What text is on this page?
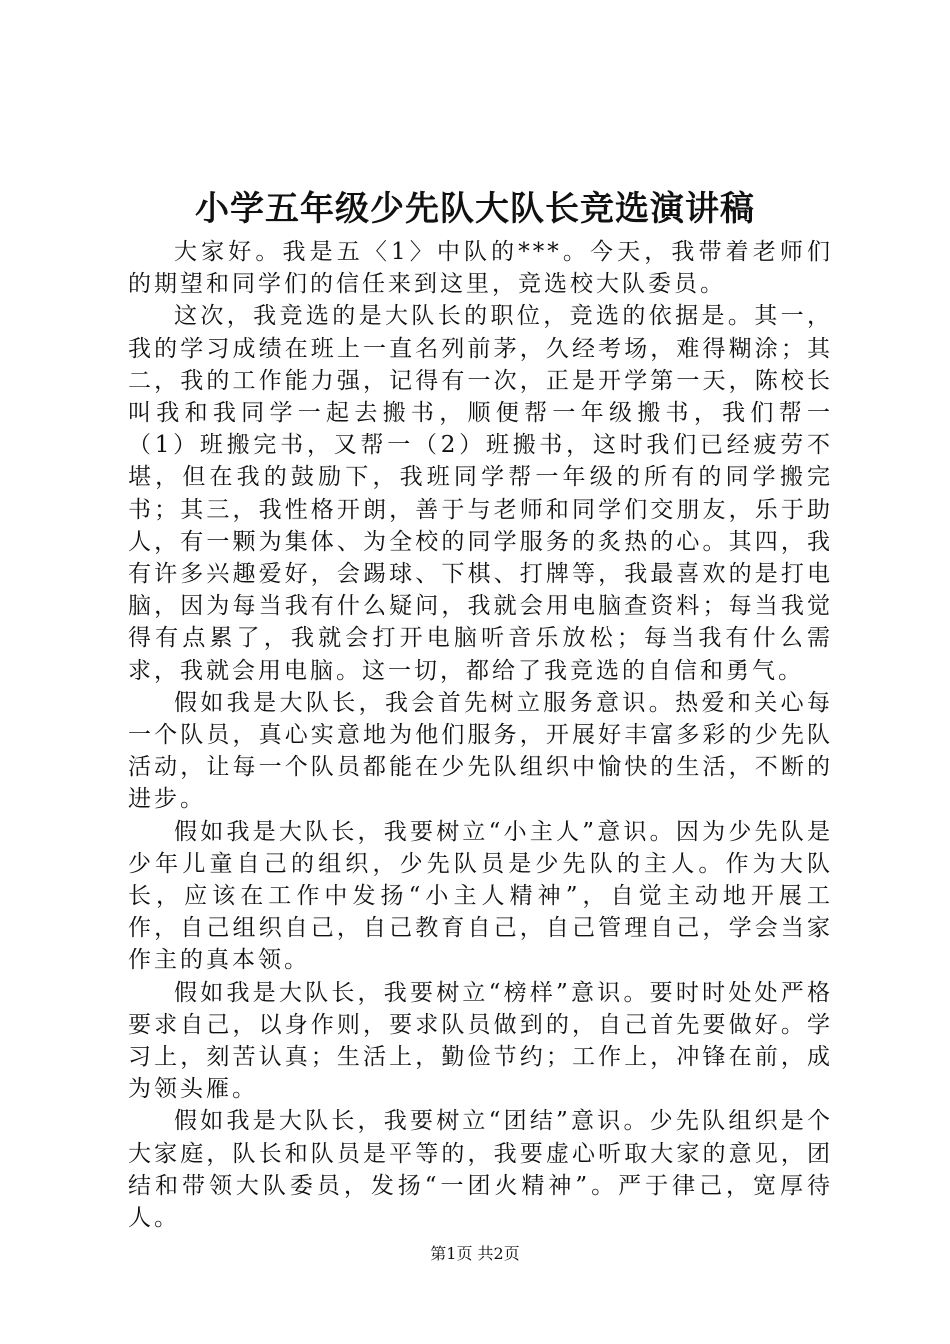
小学五年级少先队大队长竞选演讲稿

大家好。我是五〈1〉中队的***。今天，我带着老师们的期望和同学们的信任来到这里，竞选校大队委员。

这次，我竞选的是大队长的职位，竞选的依据是。其一，我的学习成绩在班上一直名列前茅，久经考场，难得糊涂；其二，我的工作能力强，记得有一次，正是开学第一天，陈校长叫我和我同学一起去搬书，顺便帮一年级搬书，我们帮一（1）班搬完书，又帮一（2）班搬书，这时我们已经疲劳不堪，但在我的鼓励下，我班同学帮一年级的所有的同学搬完书；其三，我性格开朗，善于与老师和同学们交朋友，乐于助人，有一颗为集体、为全校的同学服务的炙热的心。其四，我有许多兴趣爱好，会踢球、下棋、打牌等，我最喜欢的是打电脑，因为每当我有什么疑问，我就会用电脑查资料；每当我觉得有点累了，我就会打开电脑听音乐放松；每当我有什么需求，我就会用电脑。这一切，都给了我竞选的自信和勇气。

假如我是大队长，我会首先树立服务意识。热爱和关心每一个队员，真心实意地为他们服务，开展好丰富多彩的少先队活动，让每一个队员都能在少先队组织中愉快的生活，不断的进步。

假如我是大队长，我要树立“小主人”意识。因为少先队是少年儿童自己的组织，少先队员是少先队的主人。作为大队长，应该在工作中发扬“小主人精神”，自觉主动地开展工作，自己组织自己，自己教育自己，自己管理自己，学会当家作主的真本领。

假如我是大队长，我要树立“榜样”意识。要时时处处严格要求自己，以身作则，要求队员做到的，自己首先要做好。学习上，刻苦认真；生活上，勤俭节约；工作上，冲锋在前，成为领头雁。

假如我是大队长，我要树立“团结”意识。少先队组织是个大家庭，队长和队员是平等的，我要虚心听取大家的意见，团结和带领大队委员，发扬“一团火精神”。严于律己，宽厚待人。

第1页 共2页
